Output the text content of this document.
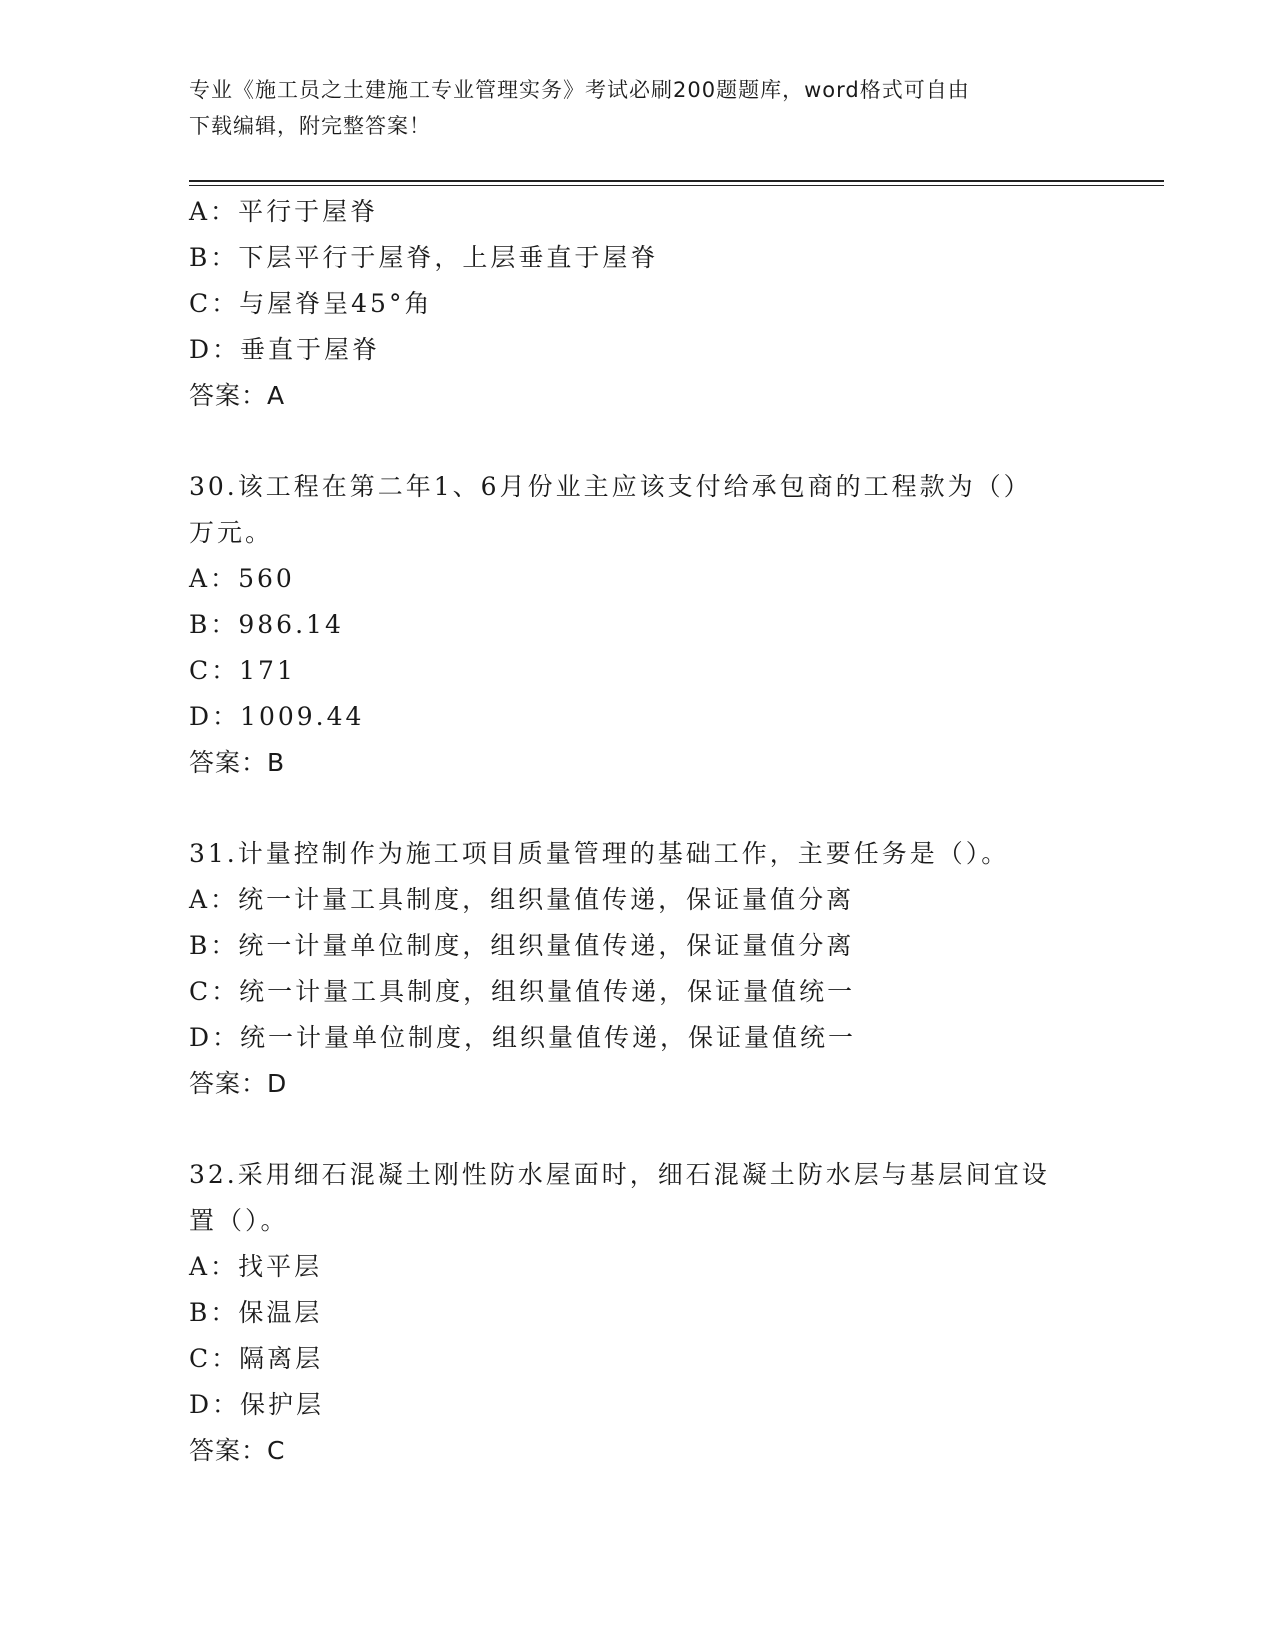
专业《施工员之土建施工专业管理实务》考试必刷200题题库，word格式可自由
下载编辑，附完整答案！
A：平行于屋脊
B：下层平行于屋脊，上层垂直于屋脊
C：与屋脊呈45°角
D：垂直于屋脊
答案：A
30.该工程在第二年1、6月份业主应该支付给承包商的工程款为（）
万元。
A：560
B：986.14
C：171
D：1009.44
答案：B
31.计量控制作为施工项目质量管理的基础工作，主要任务是（）。
A：统一计量工具制度，组织量值传递，保证量值分离
B：统一计量单位制度，组织量值传递，保证量值分离
C：统一计量工具制度，组织量值传递，保证量值统一
D：统一计量单位制度，组织量值传递，保证量值统一
答案：D
32.采用细石混凝土刚性防水屋面时，细石混凝土防水层与基层间宜设
置（）。
A：找平层
B：保温层
C：隔离层
D：保护层
答案：C
